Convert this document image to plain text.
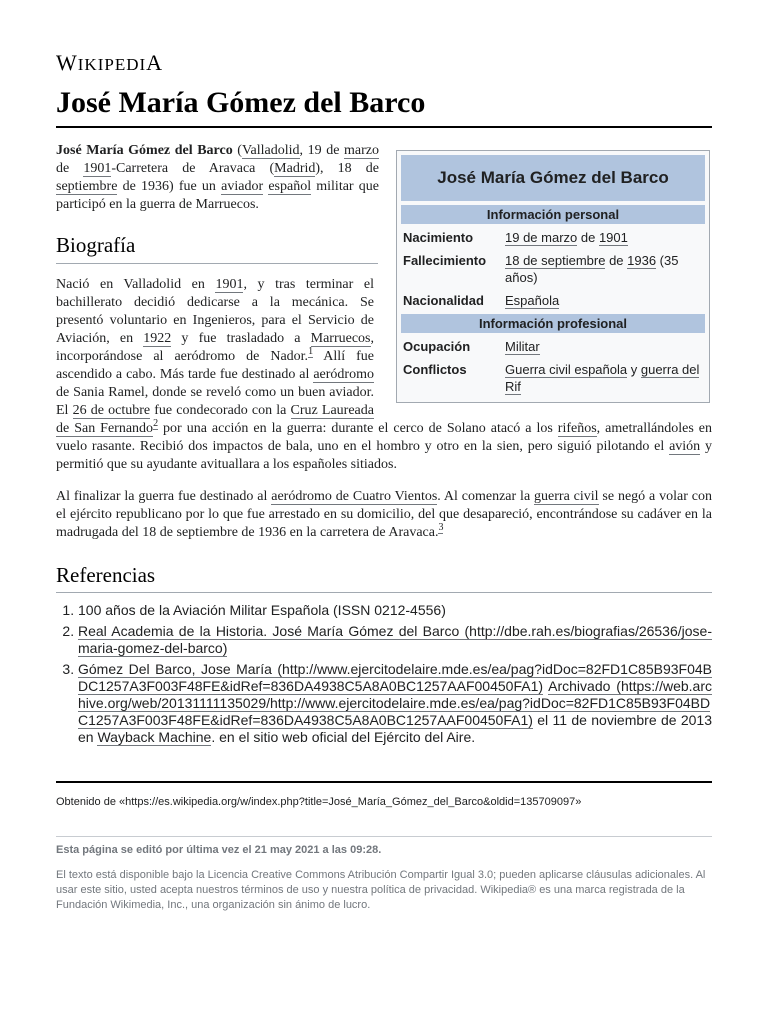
WIKIPEDIA
José María Gómez del Barco
José María Gómez del Barco
Información personal
Nacimiento	19 de marzo de 1901
Fallecimiento	18 de septiembre de 1936 (35 años)
Nacionalidad	Española
Información profesional
Ocupación	Militar
Conflictos	Guerra civil española y guerra del Rif
José María Gómez del Barco (Valladolid, 19 de marzo de 1901-Carretera de Aravaca (Madrid), 18 de septiembre de 1936) fue un aviador español militar que participó en la guerra de Marruecos.
Biografía
Nació en Valladolid en 1901, y tras terminar el bachillerato decidió dedicarse a la mecánica. Se presentó voluntario en Ingenieros, para el Servicio de Aviación, en 1922 y fue trasladado a Marruecos, incorporándose al aeródromo de Nador.$^1$ Allí fue ascendido a cabo. Más tarde fue destinado al aeródromo de Sania Ramel, donde se reveló como un buen aviador. El 26 de octubre fue condecorado con la Cruz Laureada de San Fernando$^2$ por una acción en la guerra: durante el cerco de Solano atacó a los rifeños, ametrallándoles en vuelo rasante. Recibió dos impactos de bala, uno en el hombro y otro en la sien, pero siguió pilotando el avión y permitió que su ayudante avituallara a los españoles sitiados.
Al finalizar la guerra fue destinado al aeródromo de Cuatro Vientos. Al comenzar la guerra civil se negó a volar con el ejército republicano por lo que fue arrestado en su domicilio, del que desapareció, encontrándose su cadáver en la madrugada del 18 de septiembre de 1936 en la carretera de Aravaca.$^3$
Referencias
1. 100 años de la Aviación Militar Española (ISSN 0212-4556)
2. Real Academia de la Historia. José María Gómez del Barco (http://dbe.rah.es/biografias/26536/jose-maria-gomez-del-barco)
3. Gómez Del Barco, Jose María (http://www.ejercitodelaire.mde.es/ea/pag?idDoc=82FD1C85B93F04BDC1257A3F003F48FE&idRef=836DA4938C5A8A0BC1257AAF00450FA1) Archivado (https://web.archive.org/web/20131111135029/http://www.ejercitodelaire.mde.es/ea/pag?idDoc=82FD1C85B93F04BDC1257A3F003F48FE&idRef=836DA4938C5A8A0BC1257AAF00450FA1) el 11 de noviembre de 2013 en Wayback Machine. en el sitio web oficial del Ejército del Aire.
Obtenido de «https://es.wikipedia.org/w/index.php?title=José_María_Gómez_del_Barco&oldid=135709097»
Esta página se editó por última vez el 21 may 2021 a las 09:28.
El texto está disponible bajo la Licencia Creative Commons Atribución Compartir Igual 3.0; pueden aplicarse cláusulas adicionales. Al usar este sitio, usted acepta nuestros términos de uso y nuestra política de privacidad. Wikipedia® es una marca registrada de la Fundación Wikimedia, Inc., una organización sin ánimo de lucro.
